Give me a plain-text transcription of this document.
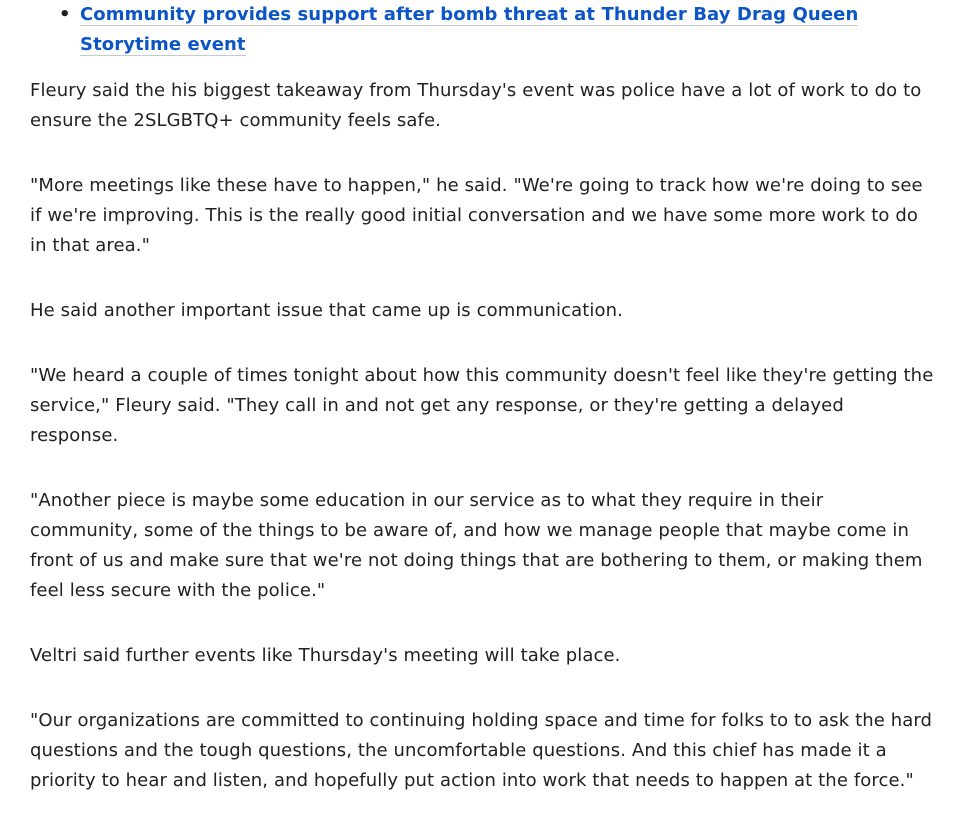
• Community provides support after bomb threat at Thunder Bay Drag Queen Storytime event

Fleury said the his biggest takeaway from Thursday's event was police have a lot of work to do to ensure the 2SLGBTQ+ community feels safe.

"More meetings like these have to happen," he said. "We're going to track how we're doing to see if we're improving. This is the really good initial conversation and we have some more work to do in that area."

He said another important issue that came up is communication.

"We heard a couple of times tonight about how this community doesn't feel like they're getting the service," Fleury said. "They call in and not get any response, or they're getting a delayed response.

"Another piece is maybe some education in our service as to what they require in their community, some of the things to be aware of, and how we manage people that maybe come in front of us and make sure that we're not doing things that are bothering to them, or making them feel less secure with the police."

Veltri said further events like Thursday's meeting will take place.

"Our organizations are committed to continuing holding space and time for folks to to ask the hard questions and the tough questions, the uncomfortable questions. And this chief has made it a priority to hear and listen, and hopefully put action into work that needs to happen at the force."
